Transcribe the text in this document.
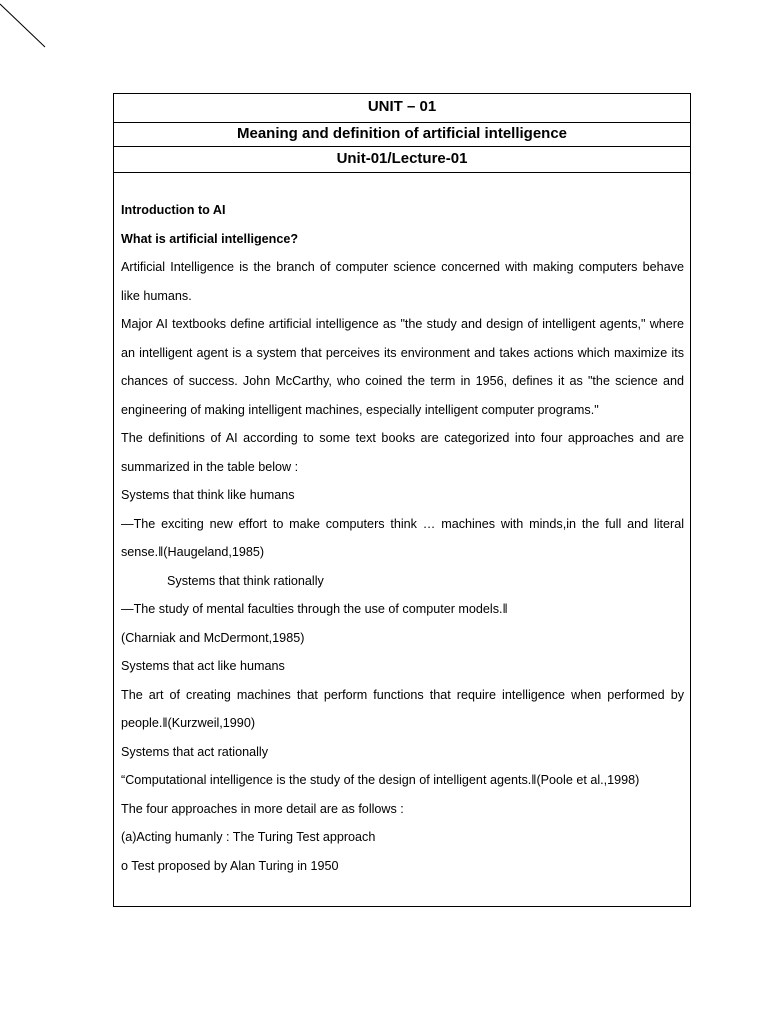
UNIT – 01
Meaning and definition of artificial intelligence
Unit-01/Lecture-01

Introduction to AI

What is artificial intelligence?

Artificial Intelligence is the branch of computer science concerned with making computers behave like humans.

Major AI textbooks define artificial intelligence as "the study and design of intelligent agents," where an intelligent agent is a system that perceives its environment and takes actions which maximize its chances of success. John McCarthy, who coined the term in 1956, defines it as "the science and engineering of making intelligent machines, especially intelligent computer programs."

The definitions of AI according to some text books are categorized into four approaches and are summarized in the table below :

Systems that think like humans

—The exciting new effort to make computers think … machines with minds,in the full and literal sense.‖(Haugeland,1985)

Systems that think rationally

—The study of mental faculties through the use of computer models.‖

(Charniak and McDermont,1985)

Systems that act like humans

The art of creating machines that perform functions that require intelligence when performed by people.‖(Kurzweil,1990)

Systems that act rationally

“Computational intelligence is the study of the design of intelligent agents.‖(Poole et al.,1998)

The four approaches in more detail are as follows :

(a)Acting humanly : The Turing Test approach

o Test proposed by Alan Turing in 1950
